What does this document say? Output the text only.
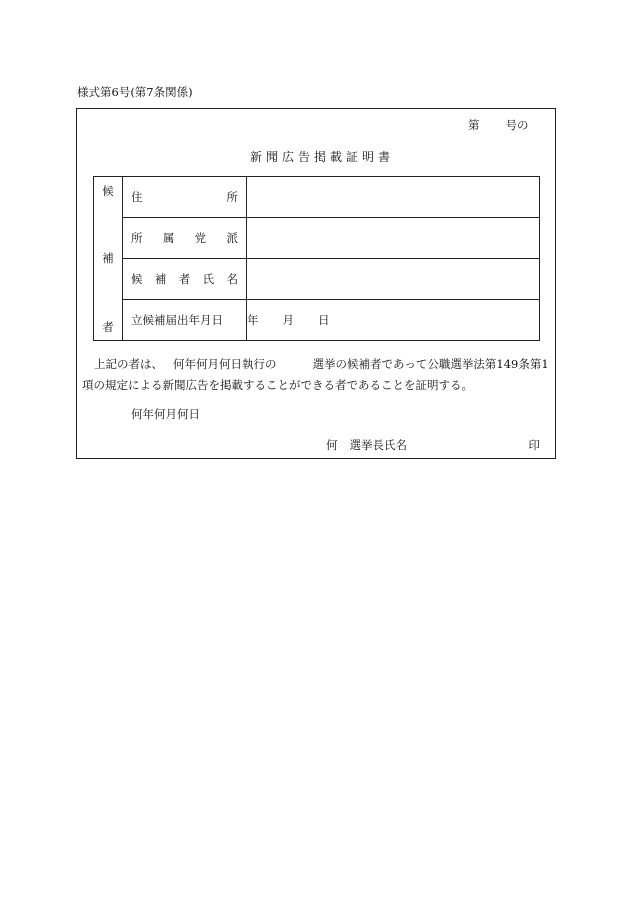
様式第6号(第7条関係)
第 号の
新聞広告掲載証明書
候
補
者	住 所	

	所 属 党 派	

	候 補 者 氏 名	

	立候補届出年月日	年 月 日

上記の者は、 何年何月何日執行の	選挙の候補者であって公職選挙法第149条第1

項の規定による新聞広告を掲載することができる者であることを証明する。

何年何月何日
何 選挙長氏名	印
